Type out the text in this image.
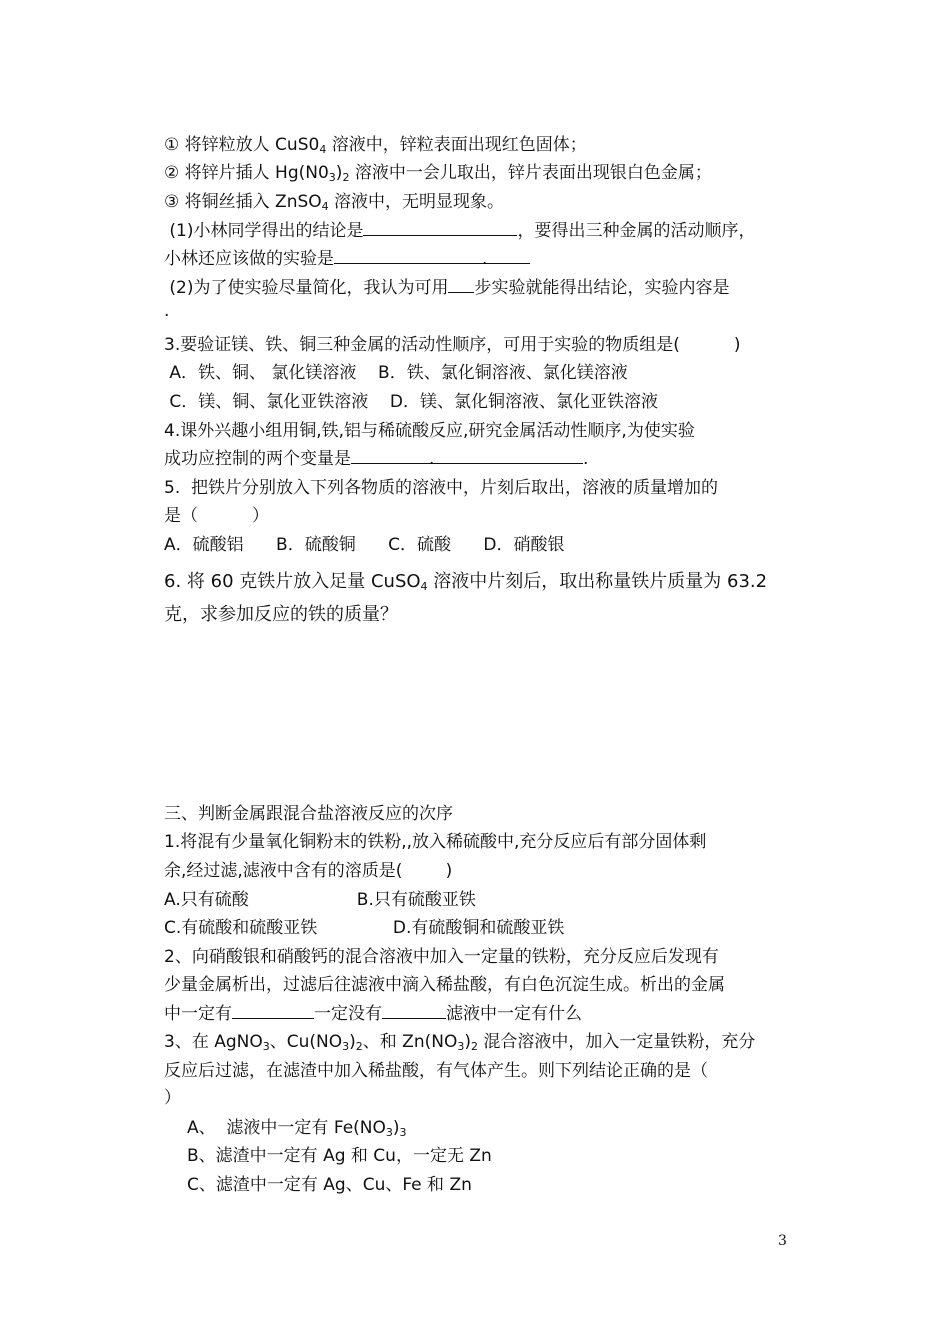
① 将锌粒放人 $CuS0_4$ 溶液中，锌粒表面出现红色固体；
② 将锌片插人 $Hg(N0_3)_2$ 溶液中一会儿取出，锌片表面出现银白色金属；
③ 将铜丝插入 ZnSO$_4$ 溶液中，无明显现象。
(1)小林同学得出的结论是	，要得出三种金属的活动顺序，
小林还应该做的实验是	.
(2)为了使实验尽量简化，我认为可用 步实验就能得出结论，实验内容是
.
3.要验证镁、铁、铜三种金属的活动性顺序，可用于实验的物质组是(          )
A．铁、铜、 氯化镁溶液    B．铁、氯化铜溶液、氯化镁溶液
C．镁、铜、氯化亚铁溶液    D．镁、氯化铜溶液、氯化亚铁溶液
4.课外兴趣小组用铜,铁,铝与稀硫酸反应,研究金属活动性顺序,为使实验
成功应控制的两个变量是	.	.
5.  把铁片分别放入下列各物质的溶液中，片刻后取出，溶液的质量增加的
是（          ）
A．硫酸铝      B．硫酸铜      C．硫酸      D．硝酸银
6. 将 60 克铁片放入足量 CuSO$_4$ 溶液中片刻后，取出称量铁片质量为 63.2
克，求参加反应的铁的质量？
三、判断金属跟混合盐溶液反应的次序
1.将混有少量氧化铜粉末的铁粉,,放入稀硫酸中,充分反应后有部分固体剩
余,经过滤,滤液中含有的溶质是(        )
A.只有硫酸                    B.只有硫酸亚铁
C.有硫酸和硫酸亚铁              D.有硫酸铜和硫酸亚铁
2、向硝酸银和硝酸钙的混合溶液中加入一定量的铁粉，充分反应后发现有
少量金属析出，过滤后往滤液中滴入稀盐酸，有白色沉淀生成。析出的金属
中一定有	一定没有	滤液中一定有什么
3、在 AgNO$_3$、$Cu(NO_3)_2$、和 $Zn(NO_3)_2$ 混合溶液中，加入一定量铁粉，充分
反应后过滤，在滤渣中加入稀盐酸，有气体产生。则下列结论正确的是（
）
A、  滤液中一定有 $Fe(NO_3)_3$
B、滤渣中一定有 Ag 和 Cu，一定无 Zn
C、滤渣中一定有 Ag、Cu、Fe 和 Zn
3
